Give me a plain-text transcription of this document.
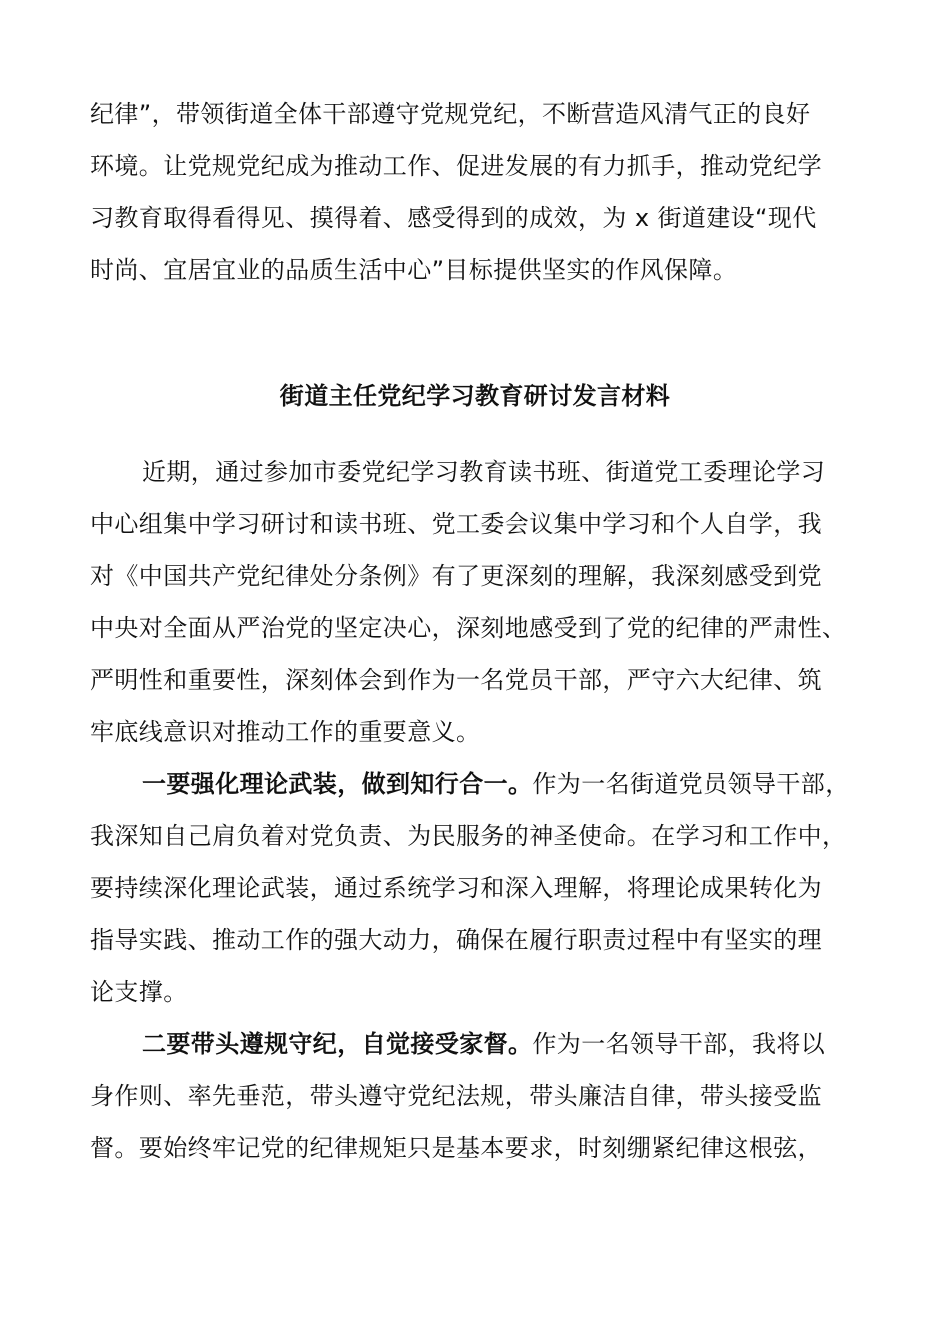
纪律”，带领街道全体干部遵守党规党纪，不断营造风清气正的良好
环境。让党规党纪成为推动工作、促进发展的有力抓手，推动党纪学
习教育取得看得见、摸得着、感受得到的成效，为 x 街道建设“现代
时尚、宜居宜业的品质生活中心”目标提供坚实的作风保障。
街道主任党纪学习教育研讨发言材料
近期，通过参加市委党纪学习教育读书班、街道党工委理论学习
中心组集中学习研讨和读书班、党工委会议集中学习和个人自学，我
对《中国共产党纪律处分条例》有了更深刻的理解，我深刻感受到党
中央对全面从严治党的坚定决心，深刻地感受到了党的纪律的严肃性、
严明性和重要性，深刻体会到作为一名党员干部，严守六大纪律、筑
牢底线意识对推动工作的重要意义。
一要强化理论武装，做到知行合一。作为一名街道党员领导干部，
我深知自己肩负着对党负责、为民服务的神圣使命。在学习和工作中，
要持续深化理论武装，通过系统学习和深入理解，将理论成果转化为
指导实践、推动工作的强大动力，确保在履行职责过程中有坚实的理
论支撑。
二要带头遵规守纪，自觉接受家督。作为一名领导干部，我将以
身作则、率先垂范，带头遵守党纪法规，带头廉洁自律，带头接受监
督。要始终牢记党的纪律规矩只是基本要求，时刻绷紧纪律这根弦，
